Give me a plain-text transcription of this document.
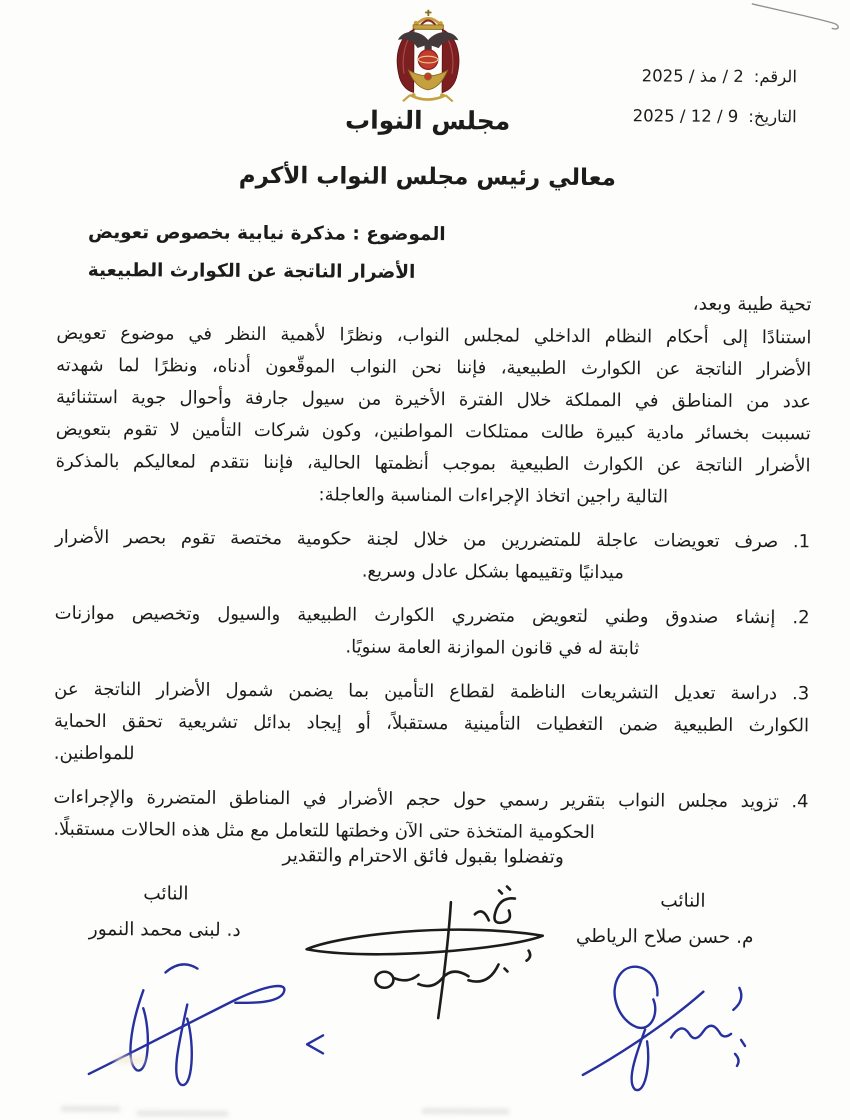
الرقم:2 ‏/ مذ ‏/ 2025
التاريخ:9 ‏/ 12 ‏/ 2025
مجلس النواب
معالي رئيس مجلس النواب الأكرم
الموضوع : مذكرة نيابية بخصوص تعويض
الأضرار الناتجة عن الكوارث الطبيعية
تحية طيبة وبعد،
استنادًا إلى أحكام النظام الداخلي لمجلس النواب، ونظرًا لأهمية النظر في موضوع تعويض
الأضرار الناتجة عن الكوارث الطبيعية، فإننا نحن النواب الموقّعون أدناه، ونظرًا لما شهدته
عدد من المناطق في المملكة خلال الفترة الأخيرة من سيول جارفة وأحوال جوية استثنائية
تسببت بخسائر مادية كبيرة طالت ممتلكات المواطنين، وكون شركات التأمين لا تقوم بتعويض
الأضرار الناتجة عن الكوارث الطبيعية بموجب أنظمتها الحالية، فإننا نتقدم لمعاليكم بالمذكرة
التالية راجين اتخاذ الإجراءات المناسبة والعاجلة:
1. صرف تعويضات عاجلة للمتضررين من خلال لجنة حكومية مختصة تقوم بحصر الأضرار
ميدانيًا وتقييمها بشكل عادل وسريع.
2. إنشاء صندوق وطني لتعويض متضرري الكوارث الطبيعية والسيول وتخصيص موازنات
ثابتة له في قانون الموازنة العامة سنويًا.
3. دراسة تعديل التشريعات الناظمة لقطاع التأمين بما يضمن شمول الأضرار الناتجة عن
الكوارث الطبيعية ضمن التغطيات التأمينية مستقبلاً، أو إيجاد بدائل تشريعية تحقق الحماية
للمواطنين.
4. تزويد مجلس النواب بتقرير رسمي حول حجم الأضرار في المناطق المتضررة والإجراءات
الحكومية المتخذة حتى الآن وخطتها للتعامل مع مثل هذه الحالات مستقبلًا.
وتفضلوا بقبول فائق الاحترام والتقدير
النائب
م. حسن صلاح الرياطي
النائب
د. لبنى محمد النمور
